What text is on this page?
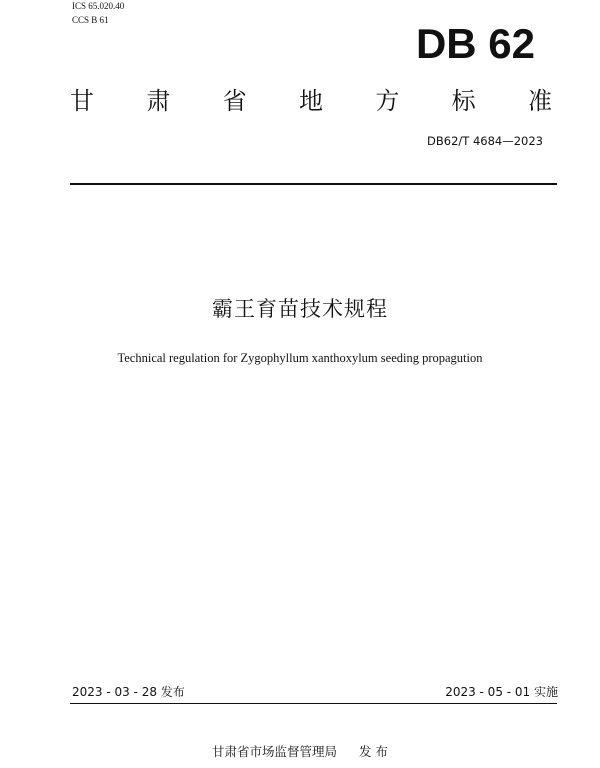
ICS 65.020.40
CCS B 61	DB 62
甘 肃 省 地 方 标 准
DB62/T 4684—2023
霸王育苗技术规程
Technical regulation for Zygophyllum xanthoxylum seeding propagution
2023 - 03 - 28 发布	2023 - 05 - 01 实施
甘肃省市场监督管理局 发 布
